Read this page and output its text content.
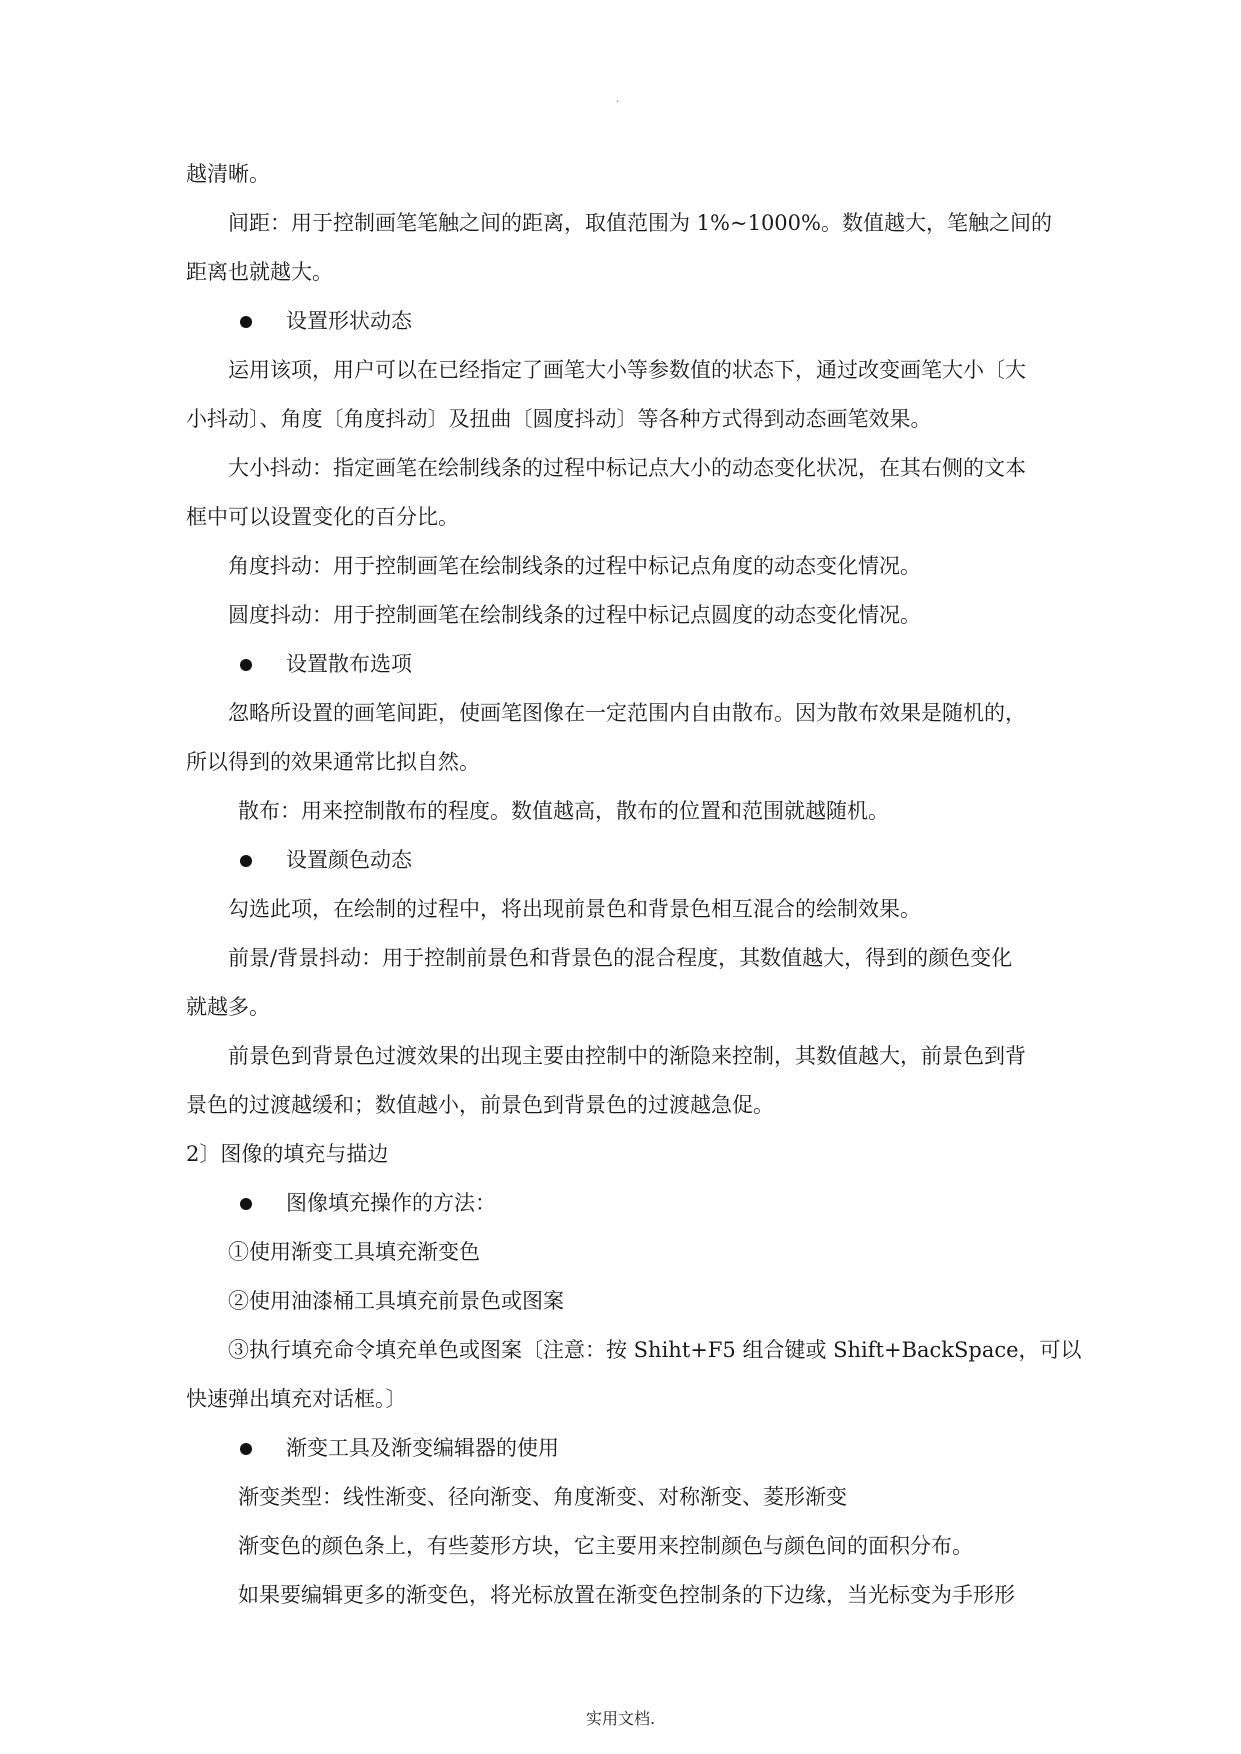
.

越清晰。

间距：用于控制画笔笔触之间的距离，取值范围为 1%~1000%。数值越大，笔触之间的

距离也就越大。

设置形状动态

运用该项，用户可以在已经指定了画笔大小等参数值的状态下，通过改变画笔大小〔大

小抖动〕、角度〔角度抖动〕及扭曲〔圆度抖动〕等各种方式得到动态画笔效果。

大小抖动：指定画笔在绘制线条的过程中标记点大小的动态变化状况，在其右侧的文本

框中可以设置变化的百分比。

角度抖动：用于控制画笔在绘制线条的过程中标记点角度的动态变化情况。

圆度抖动：用于控制画笔在绘制线条的过程中标记点圆度的动态变化情况。

设置散布选项

忽略所设置的画笔间距，使画笔图像在一定范围内自由散布。因为散布效果是随机的，

所以得到的效果通常比拟自然。

散布：用来控制散布的程度。数值越高，散布的位置和范围就越随机。

设置颜色动态

勾选此项，在绘制的过程中，将出现前景色和背景色相互混合的绘制效果。

前景/背景抖动：用于控制前景色和背景色的混合程度，其数值越大，得到的颜色变化

就越多。

前景色到背景色过渡效果的出现主要由控制中的渐隐来控制，其数值越大，前景色到背

景色的过渡越缓和；数值越小，前景色到背景色的过渡越急促。

2〕图像的填充与描边

图像填充操作的方法：

①使用渐变工具填充渐变色

②使用油漆桶工具填充前景色或图案

③执行填充命令填充单色或图案〔注意：按 Shiht+F5 组合键或 Shift+BackSpace，可以

快速弹出填充对话框。〕

渐变工具及渐变编辑器的使用

渐变类型：线性渐变、径向渐变、角度渐变、对称渐变、菱形渐变

渐变色的颜色条上，有些菱形方块，它主要用来控制颜色与颜色间的面积分布。

如果要编辑更多的渐变色，将光标放置在渐变色控制条的下边缘，当光标变为手形形

实用文档.
